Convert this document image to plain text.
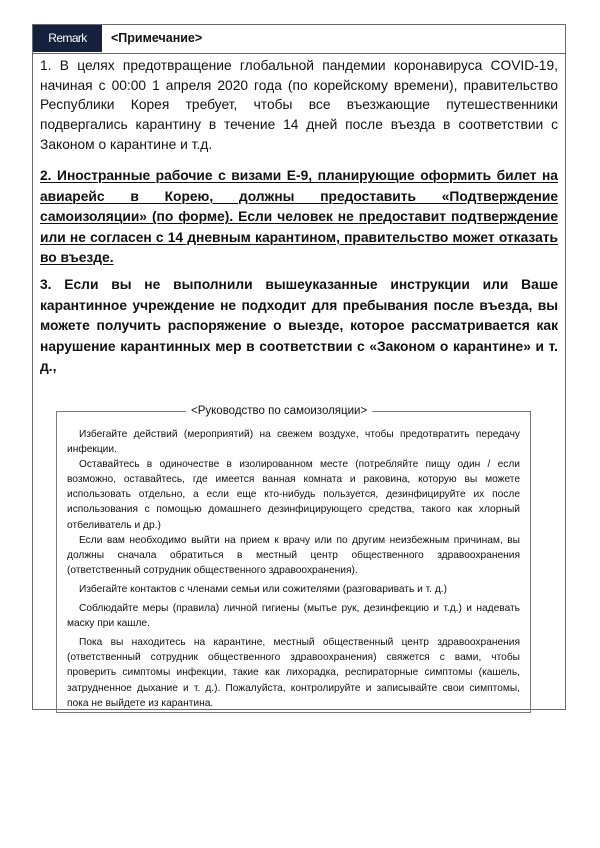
Remark	<Примечание>
1. В целях предотвращение глобальной пандемии коронавируса COVID-19, начиная с 00:00 1 апреля 2020 года (по корейскому времени), правительство Республики Корея требует, чтобы все въезжающие путешественники подвергались карантину в течение 14 дней после въезда в соответствии с Законом о карантине и т.д.
2. Иностранные рабочие с визами E-9, планирующие оформить билет на авиарейс в Корею, должны предоставить «Подтверждение самоизоляции» (по форме). Если человек не предоставит подтверждение или не согласен с 14 дневным карантином, правительство может отказать во въезде.
3. Если вы не выполнили вышеуказанные инструкции или Ваше карантинное учреждение не подходит для пребывания после въезда, вы можете получить распоряжение о выезде, которое рассматривается как нарушение карантинных мер в соответствии с «Законом о карантине» и т. д.,
<Руководство по самоизоляции>

Избегайте действий (мероприятий) на свежем воздухе, чтобы предотвратить передачу инфекции.

Оставайтесь в одиночестве в изолированном месте (потребляйте пищу один / если возможно, оставайтесь, где имеется ванная комната и раковина, которую вы можете использовать отдельно, а если еще кто-нибудь пользуется, дезинфицируйте их после использования с помощью домашнего дезинфицирующего средства, такого как хлорный отбеливатель и др.)

Если вам необходимо выйти на прием к врачу или по другим неизбежным причинам, вы должны сначала обратиться в местный центр общественного здравоохранения (ответственный сотрудник общественного здравоохранения).

Избегайте контактов с членами семьи или сожителями (разговаривать и т. д.)

Соблюдайте меры (правила) личной гигиены (мытье рук, дезинфекцию и т.д.) и надевать маску при кашле.

Пока вы находитесь на карантине, местный общественный центр здравоохранения (ответственный сотрудник общественного здравоохранения) свяжется с вами, чтобы проверить симптомы инфекции, такие как лихорадка, респираторные симптомы (кашель, затрудненное дыхание и т. д.). Пожалуйста, контролируйте и записывайте свои симптомы, пока не выйдете из карантина.
